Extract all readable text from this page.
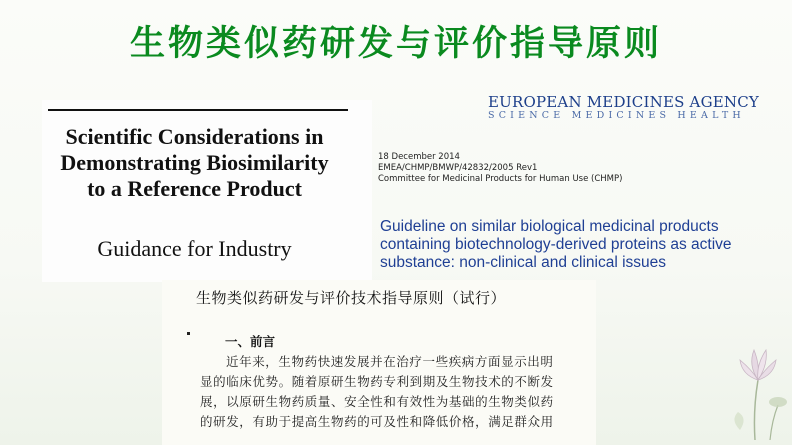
生物类似药研发与评价指导原则
Scientific Considerations in
Demonstrating Biosimilarity
to a Reference Product
Guidance for Industry
EUROPEAN MEDICINES AGENCY
SCIENCE MEDICINES HEALTH
18 December 2014
EMEA/CHMP/BMWP/42832/2005 Rev1
Committee for Medicinal Products for Human Use (CHMP)
Guideline on similar biological medicinal products
containing biotechnology-derived proteins as active
substance: non-clinical and clinical issues
生物类似药研发与评价技术指导原则（试行）
一、前言
近年来，生物药快速发展并在治疗一些疾病方面显示出明
显的临床优势。随着原研生物药专利到期及生物技术的不断发
展，以原研生物药质量、安全性和有效性为基础的生物类似药
的研发，有助于提高生物药的可及性和降低价格，满足群众用
